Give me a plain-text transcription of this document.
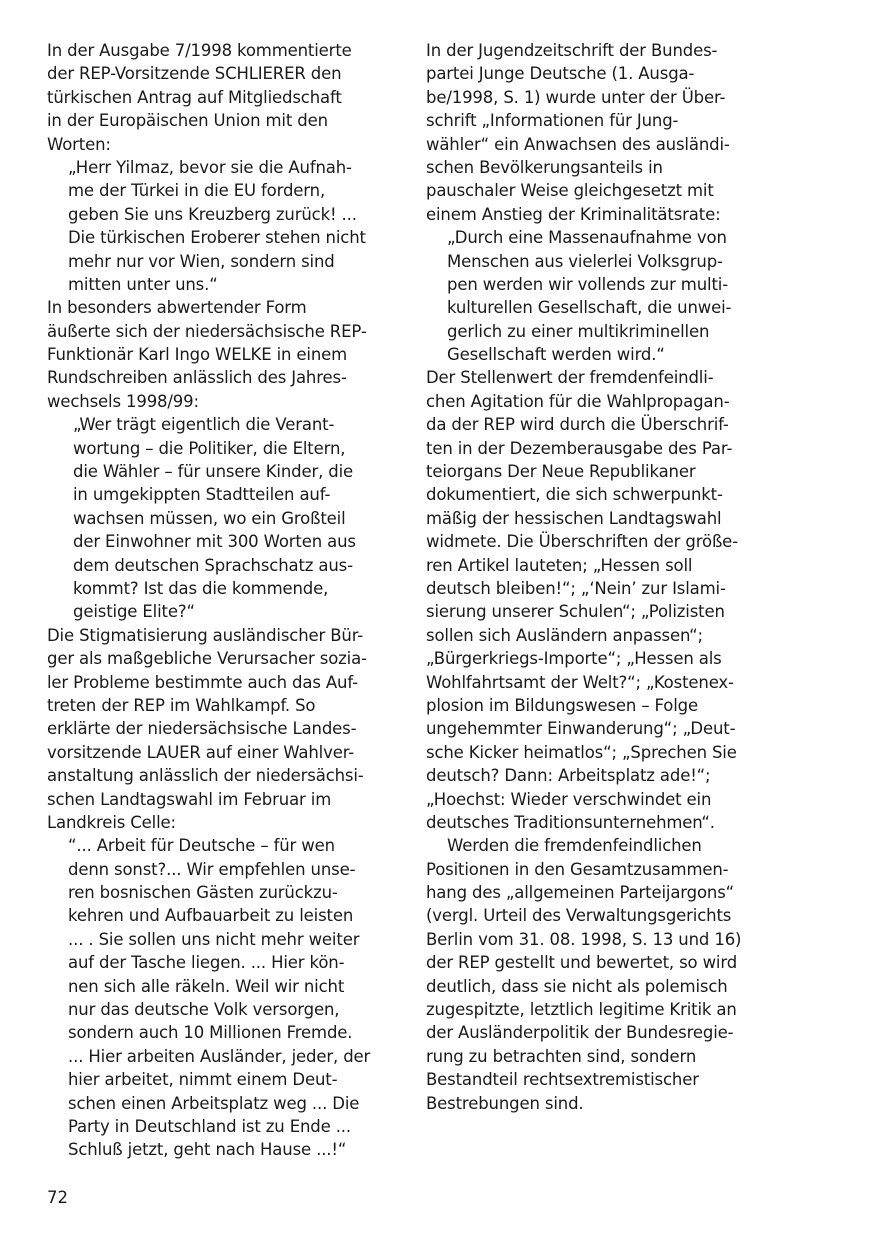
In der Ausgabe 7/1998 kommentierte
der REP-Vorsitzende SCHLIERER den
türkischen Antrag auf Mitgliedschaft
in der Europäischen Union mit den
Worten:
„Herr Yilmaz, bevor sie die Aufnah-
me der Türkei in die EU fordern,
geben Sie uns Kreuzberg zurück! ...
Die türkischen Eroberer stehen nicht
mehr nur vor Wien, sondern sind
mitten unter uns.“
In besonders abwertender Form
äußerte sich der niedersächsische REP-
Funktionär Karl Ingo WELKE in einem
Rundschreiben anlässlich des Jahres-
wechsels 1998/99:
„Wer trägt eigentlich die Verant-
wortung – die Politiker, die Eltern,
die Wähler – für unsere Kinder, die
in umgekippten Stadtteilen auf-
wachsen müssen, wo ein Großteil
der Einwohner mit 300 Worten aus
dem deutschen Sprachschatz aus-
kommt? Ist das die kommende,
geistige Elite?“
Die Stigmatisierung ausländischer Bür-
ger als maßgebliche Verursacher sozia-
ler Probleme bestimmte auch das Auf-
treten der REP im Wahlkampf. So
erklärte der niedersächsische Landes-
vorsitzende LAUER auf einer Wahlver-
anstaltung anlässlich der niedersächsi-
schen Landtagswahl im Februar im
Landkreis Celle:
“... Arbeit für Deutsche – für wen
denn sonst?... Wir empfehlen unse-
ren bosnischen Gästen zurückzu-
kehren und Aufbauarbeit zu leisten
... . Sie sollen uns nicht mehr weiter
auf der Tasche liegen. ... Hier kön-
nen sich alle räkeln. Weil wir nicht
nur das deutsche Volk versorgen,
sondern auch 10 Millionen Fremde.
... Hier arbeiten Ausländer, jeder, der
hier arbeitet, nimmt einem Deut-
schen einen Arbeitsplatz weg ... Die
Party in Deutschland ist zu Ende ...
Schluß jetzt, geht nach Hause ...!“
In der Jugendzeitschrift der Bundes-
partei Junge Deutsche (1. Ausga-
be/1998, S. 1) wurde unter der Über-
schrift „Informationen für Jung-
wähler“ ein Anwachsen des ausländi-
schen Bevölkerungsanteils in
pauschaler Weise gleichgesetzt mit
einem Anstieg der Kriminalitätsrate:
„Durch eine Massenaufnahme von
Menschen aus vielerlei Volksgrup-
pen werden wir vollends zur multi-
kulturellen Gesellschaft, die unwei-
gerlich zu einer multikriminellen
Gesellschaft werden wird.“
Der Stellenwert der fremdenfeindli-
chen Agitation für die Wahlpropagan-
da der REP wird durch die Überschrif-
ten in der Dezemberausgabe des Par-
teiorgans Der Neue Republikaner
dokumentiert, die sich schwerpunkt-
mäßig der hessischen Landtagswahl
widmete. Die Überschriften der größe-
ren Artikel lauteten; „Hessen soll
deutsch bleiben!“; „‘Nein’ zur Islami-
sierung unserer Schulen“; „Polizisten
sollen sich Ausländern anpassen“;
„Bürgerkriegs-Importe“; „Hessen als
Wohlfahrtsamt der Welt?“; „Kostenex-
plosion im Bildungswesen – Folge
ungehemmter Einwanderung“; „Deut-
sche Kicker heimatlos“; „Sprechen Sie
deutsch? Dann: Arbeitsplatz ade!“;
„Hoechst: Wieder verschwindet ein
deutsches Traditionsunternehmen“.
Werden die fremdenfeindlichen
Positionen in den Gesamtzusammen-
hang des „allgemeinen Parteijargons“
(vergl. Urteil des Verwaltungsgerichts
Berlin vom 31. 08. 1998, S. 13 und 16)
der REP gestellt und bewertet, so wird
deutlich, dass sie nicht als polemisch
zugespitzte, letztlich legitime Kritik an
der Ausländerpolitik der Bundesregie-
rung zu betrachten sind, sondern
Bestandteil rechtsextremistischer
Bestrebungen sind.
72
